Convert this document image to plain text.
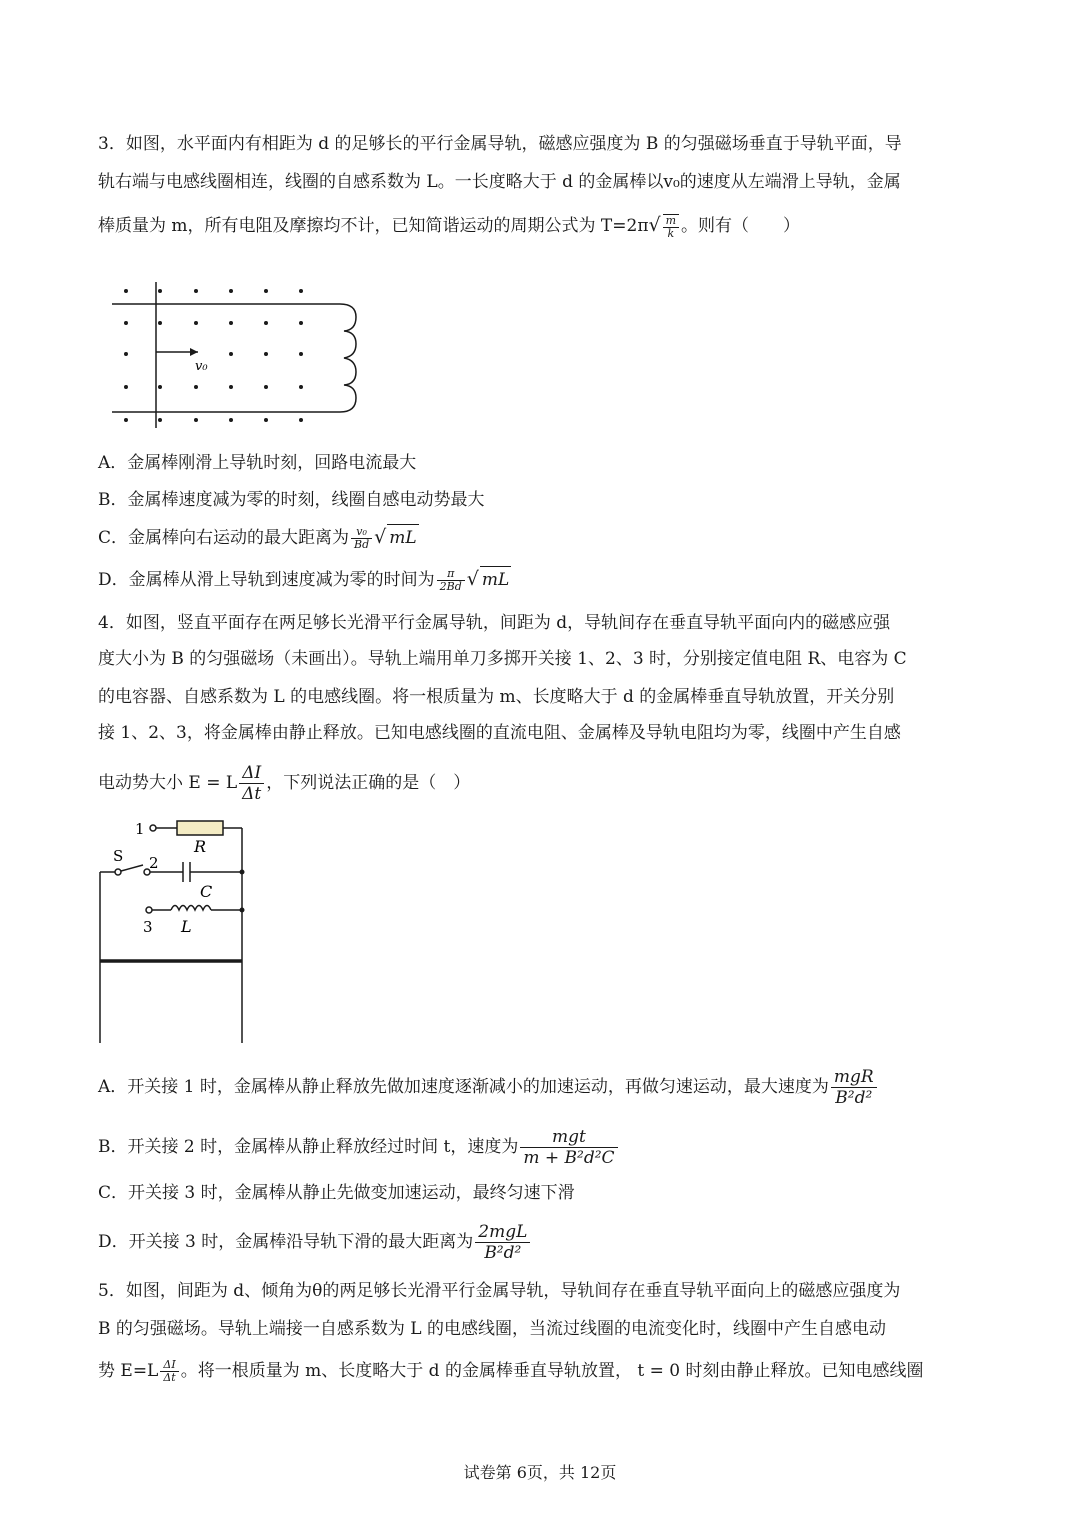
3．如图，水平面内有相距为 d 的足够长的平行金属导轨，磁感应强度为 B 的匀强磁场垂直于导轨平面，导
轨右端与电感线圈相连，线圈的自感系数为 L。一长度略大于 d 的金属棒以v₀的速度从左端滑上导轨，金属
棒质量为 m，所有电阻及摩擦均不计，已知简谐运动的周期公式为 $T=2\pi√ \frac{m}{k}$ 。则有（　　）
v₀
A．金属棒刚滑上导轨时刻，回路电流最大
B．金属棒速度减为零的时刻，线圈自感电动势最大
C．金属棒向右运动的最大距离为 $\frac{\text{v₀}}{Bd}$ √ mL
D．金属棒从滑上导轨到速度减为零的时间为 $\frac{\pi}{2Bd}$ √ mL
4．如图，竖直平面存在两足够长光滑平行金属导轨，间距为 d，导轨间存在垂直导轨平面向内的磁感应强
度大小为 B 的匀强磁场（未画出）。导轨上端用单刀多掷开关接 1、2、3 时，分别接定值电阻 R、电容为 C
的电容器、自感系数为 L 的电感线圈。将一根质量为 m、长度略大于 d 的金属棒垂直导轨放置，开关分别
接 1、2、3，将金属棒由静止释放。已知电感线圈的直流电阻、金属棒及导轨电阻均为零，线圈中产生自感
电动势大小 E = L $\frac{\Delta I}{\Delta t}$ ，下列说法正确的是（　）
R
S 2
C
3 L
1
A．开关接 1 时，金属棒从静止释放先做加速度逐渐减小的加速运动，再做匀速运动，最大速度为 $\frac{\text{mgR}}{\text{B²d²}}$
B．开关接 2 时，金属棒从静止释放经过时间 t，速度为 $\frac{\text{mgt}}{\text{m + B²d²C}}$
C．开关接 3 时，金属棒从静止先做变加速运动，最终匀速下滑
D．开关接 3 时，金属棒沿导轨下滑的最大距离为 $\frac{\text{2mgL}}{\text{B²d²}}$
5．如图，间距为 d、倾角为θ的两足够长光滑平行金属导轨，导轨间存在垂直导轨平面向上的磁感应强度为
B 的匀强磁场。导轨上端接一自感系数为 L 的电感线圈，当流过线圈的电流变化时，线圈中产生自感电动
势 $E=L \frac{\Delta I}{\Delta t}$ 。将一根质量为 m、长度略大于 d 的金属棒垂直导轨放置， t = 0 时刻由静止释放。已知电感线圈
试卷第 6页，共 12页
